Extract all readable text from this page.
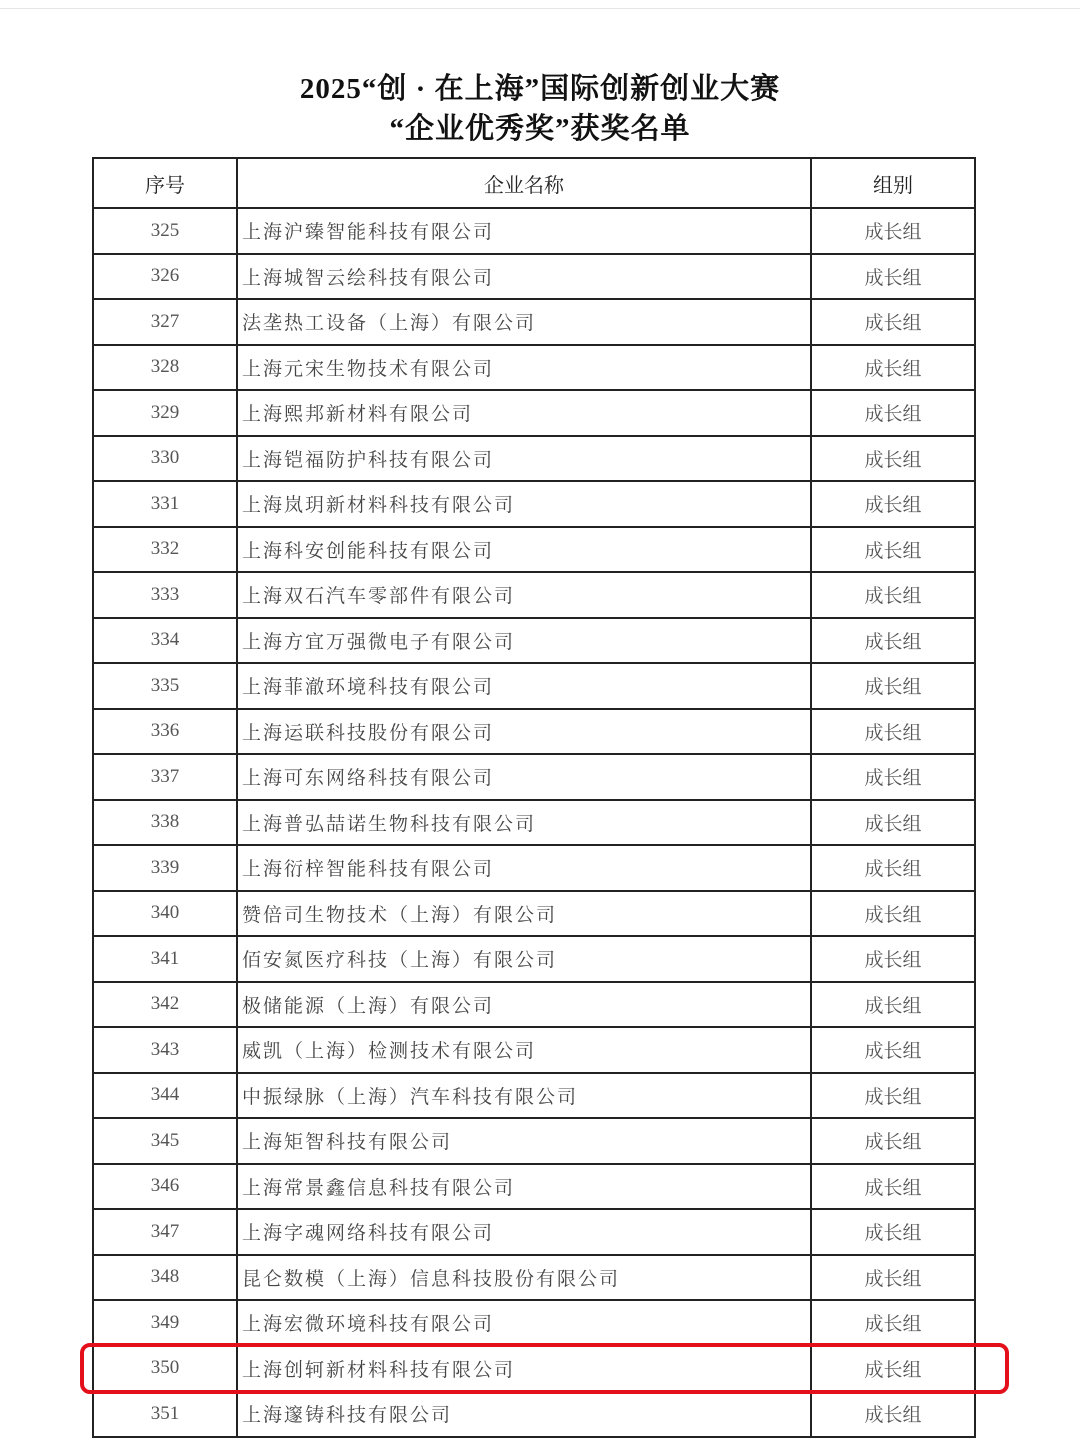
2025“创 · 在上海”国际创新创业大赛
“企业优秀奖”获奖名单
序号	企业名称	组别
325	上海沪臻智能科技有限公司	成长组
326	上海城智云绘科技有限公司	成长组
327	法垄热工设备（上海）有限公司	成长组
328	上海元宋生物技术有限公司	成长组
329	上海熙邦新材料有限公司	成长组
330	上海铠福防护科技有限公司	成长组
331	上海岚玥新材料科技有限公司	成长组
332	上海科安创能科技有限公司	成长组
333	上海双石汽车零部件有限公司	成长组
334	上海方宜万强微电子有限公司	成长组
335	上海菲澈环境科技有限公司	成长组
336	上海运联科技股份有限公司	成长组
337	上海可东网络科技有限公司	成长组
338	上海普弘喆诺生物科技有限公司	成长组
339	上海衍梓智能科技有限公司	成长组
340	赞倍司生物技术（上海）有限公司	成长组
341	佰安氮医疗科技（上海）有限公司	成长组
342	极储能源（上海）有限公司	成长组
343	威凯（上海）检测技术有限公司	成长组
344	中振绿脉（上海）汽车科技有限公司	成长组
345	上海矩智科技有限公司	成长组
346	上海常景鑫信息科技有限公司	成长组
347	上海字魂网络科技有限公司	成长组
348	昆仑数模（上海）信息科技股份有限公司	成长组
349	上海宏微环境科技有限公司	成长组
350	上海创轲新材料科技有限公司	成长组
351	上海邃铸科技有限公司	成长组
